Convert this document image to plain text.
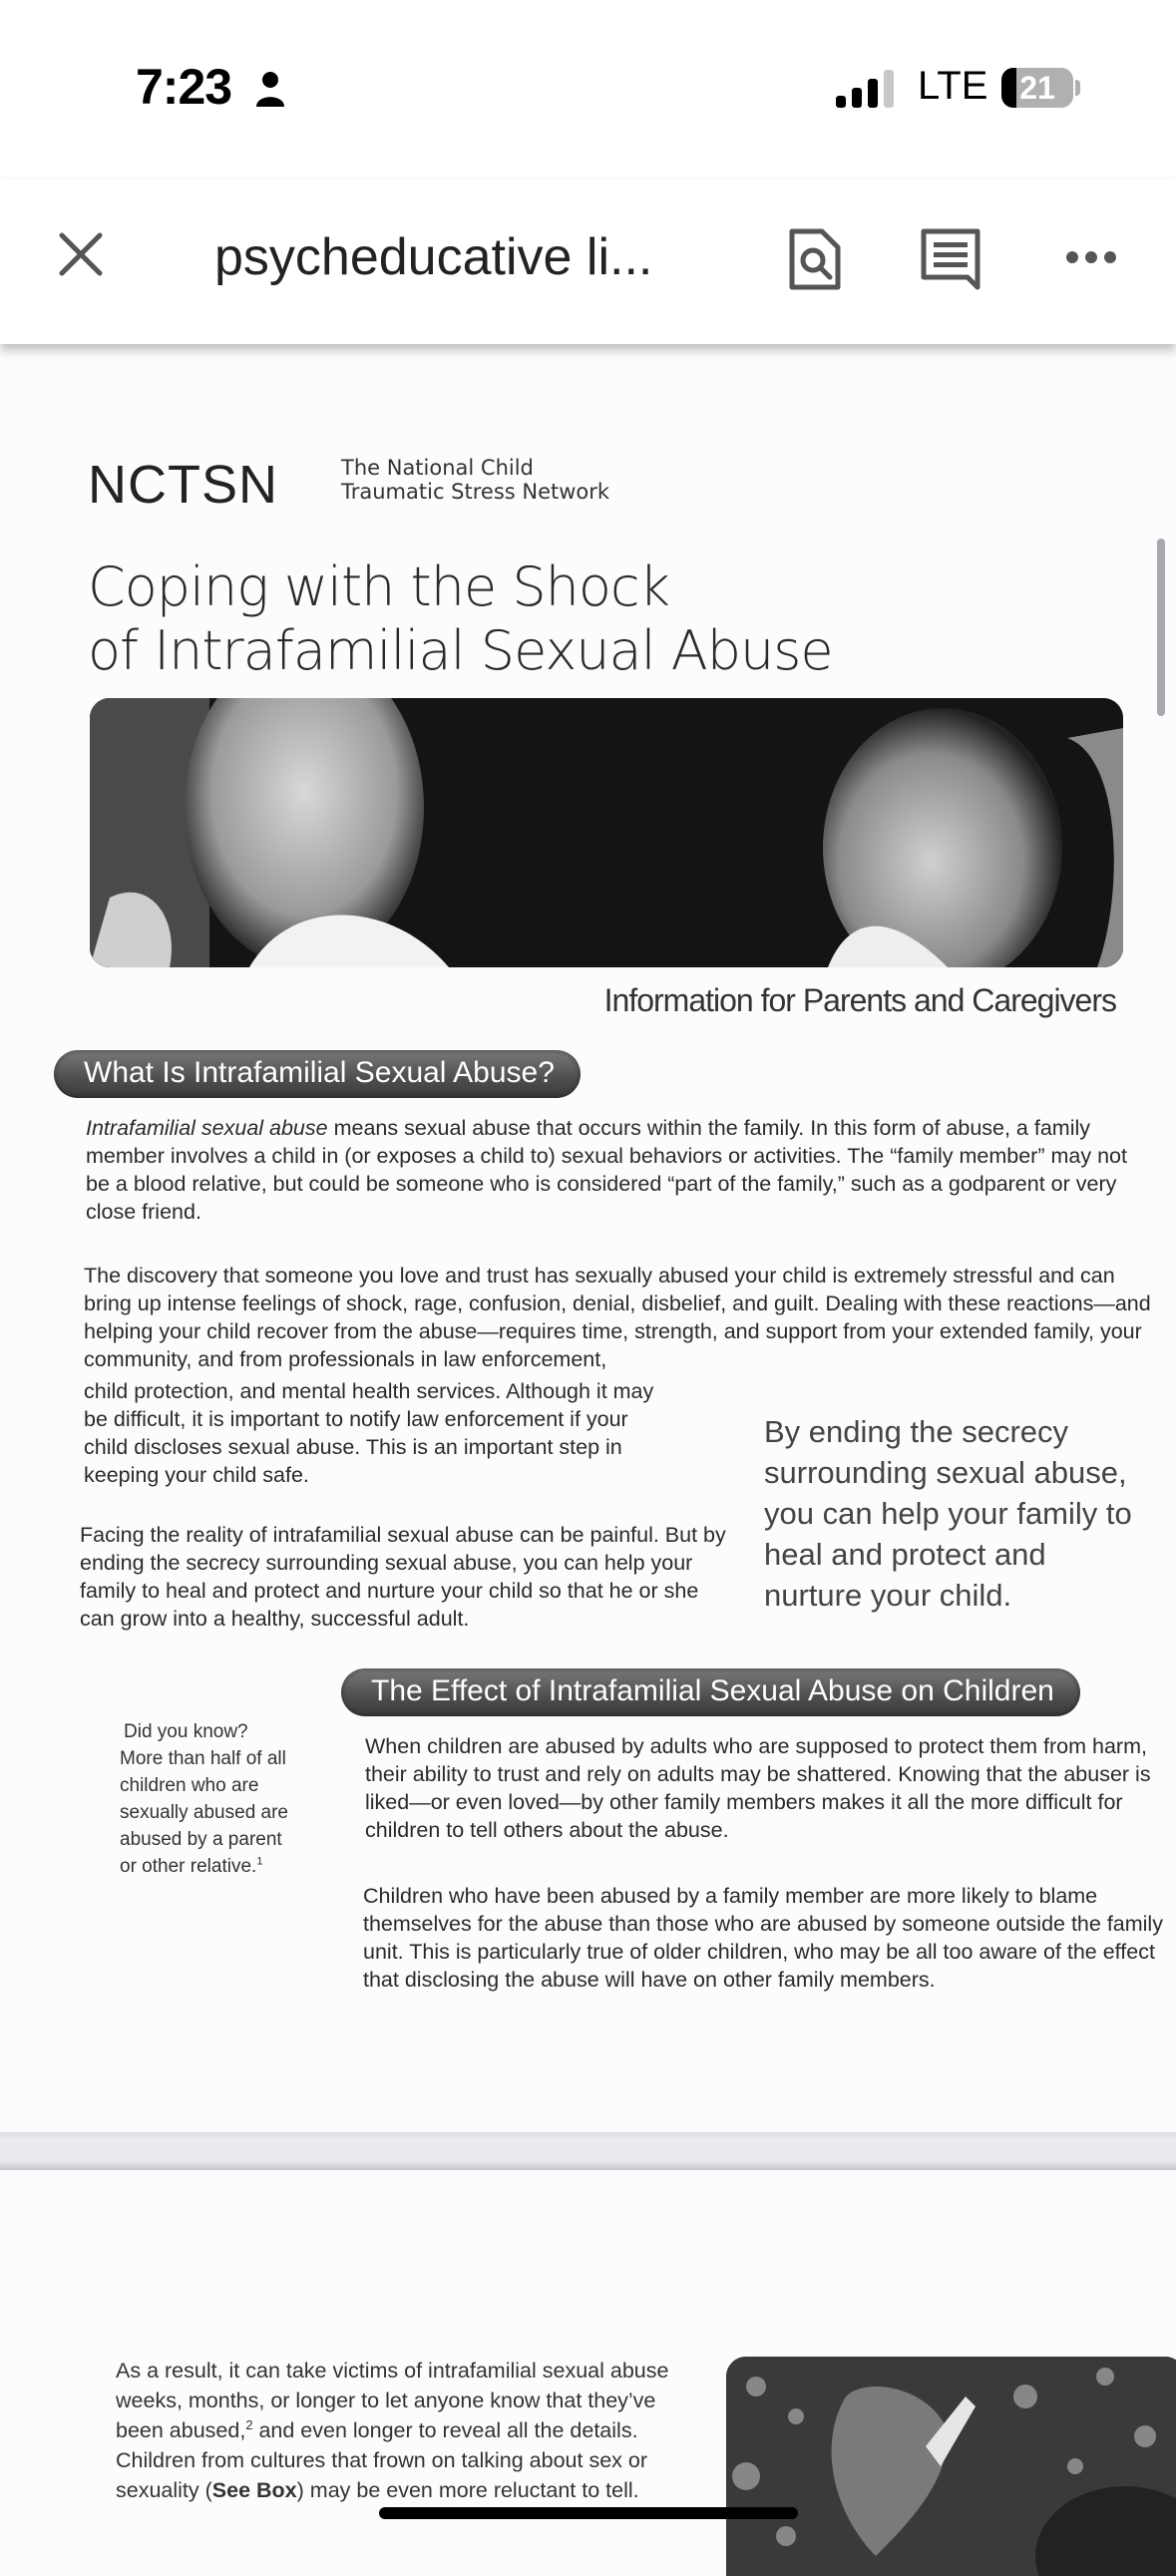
7:23	LTE 21
psycheducative li...
NCTSN	The National Child
Traumatic Stress Network
Coping with the Shock
of Intrafamilial Sexual Abuse
Information for Parents and Caregivers
What Is Intrafamilial Sexual Abuse?
Intrafamilial sexual abuse means sexual abuse that occurs within the family. In this form of abuse, a family member involves a child in (or exposes a child to) sexual behaviors or activities. The “family member” may not be a blood relative, but could be someone who is considered “part of the family,” such as a godparent or very close friend.
The discovery that someone you love and trust has sexually abused your child is extremely stressful and can bring up intense feelings of shock, rage, confusion, denial, disbelief, and guilt. Dealing with these reactions—and helping your child recover from the abuse—requires time, strength, and support from your extended family, your community, and from professionals in law enforcement,
child protection, and mental health services. Although it may be difficult, it is important to notify law enforcement if your child discloses sexual abuse. This is an important step in keeping your child safe.
Facing the reality of intrafamilial sexual abuse can be painful. But by ending the secrecy surrounding sexual abuse, you can help your family to heal and protect and nurture your child so that he or she can grow into a healthy, successful adult.
By ending the secrecy surrounding sexual abuse, you can help your family to heal and protect and nurture your child.
The Effect of Intrafamilial Sexual Abuse on Children
Did you know?
More than half of all children who are sexually abused are abused by a parent or other relative.$^1$
When children are abused by adults who are supposed to protect them from harm, their ability to trust and rely on adults may be shattered. Knowing that the abuser is liked—or even loved—by other family members makes it all the more difficult for children to tell others about the abuse.
Children who have been abused by a family member are more likely to blame themselves for the abuse than those who are abused by someone outside the family unit. This is particularly true of older children, who may be all too aware of the effect that disclosing the abuse will have on other family members.
As a result, it can take victims of intrafamilial sexual abuse weeks, months, or longer to let anyone know that they’ve been abused,$^2$ and even longer to reveal all the details. Children from cultures that frown on talking about sex or sexuality (See Box) may be even more reluctant to tell.
